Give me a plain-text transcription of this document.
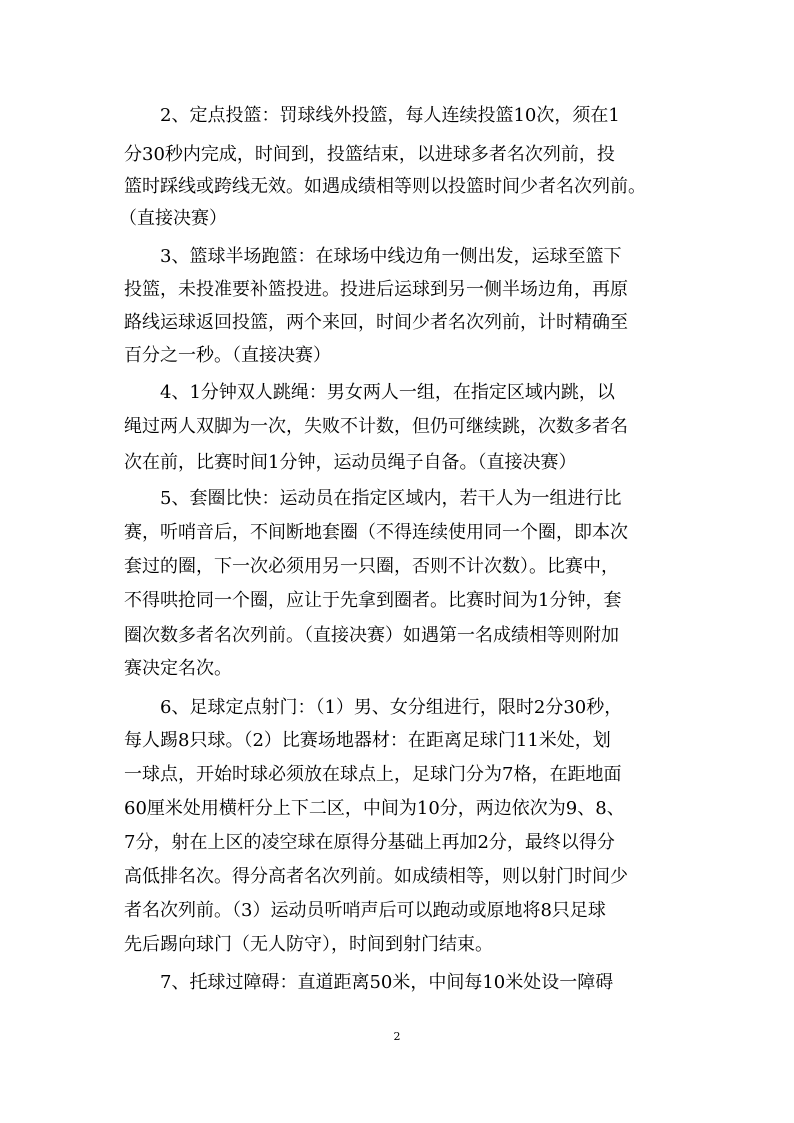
2、定点投篮：罚球线外投篮，每人连续投篮10次，须在1
分30秒内完成，时间到，投篮结束，以进球多者名次列前，投
篮时踩线或跨线无效。如遇成绩相等则以投篮时间少者名次列前。
（直接决赛）
3、篮球半场跑篮：在球场中线边角一侧出发，运球至篮下
投篮，未投准要补篮投进。投进后运球到另一侧半场边角，再原
路线运球返回投篮，两个来回，时间少者名次列前，计时精确至
百分之一秒。（直接决赛）
4、1分钟双人跳绳：男女两人一组，在指定区域内跳，以
绳过两人双脚为一次，失败不计数，但仍可继续跳，次数多者名
次在前，比赛时间1分钟，运动员绳子自备。（直接决赛）
5、套圈比快：运动员在指定区域内，若干人为一组进行比
赛，听哨音后，不间断地套圈（不得连续使用同一个圈，即本次
套过的圈，下一次必须用另一只圈，否则不计次数）。比赛中，
不得哄抢同一个圈，应让于先拿到圈者。比赛时间为1分钟，套
圈次数多者名次列前。（直接决赛）如遇第一名成绩相等则附加
赛决定名次。
6、足球定点射门：（1）男、女分组进行，限时2分30秒，
每人踢8只球。（2）比赛场地器材：在距离足球门11米处，划
一球点，开始时球必须放在球点上，足球门分为7格，在距地面
60厘米处用横杆分上下二区，中间为10分，两边依次为9、8、
7分，射在上区的凌空球在原得分基础上再加2分，最终以得分
高低排名次。得分高者名次列前。如成绩相等，则以射门时间少
者名次列前。（3）运动员听哨声后可以跑动或原地将8只足球
先后踢向球门（无人防守），时间到射门结束。
7、托球过障碍：直道距离50米，中间每10米处设一障碍
2
